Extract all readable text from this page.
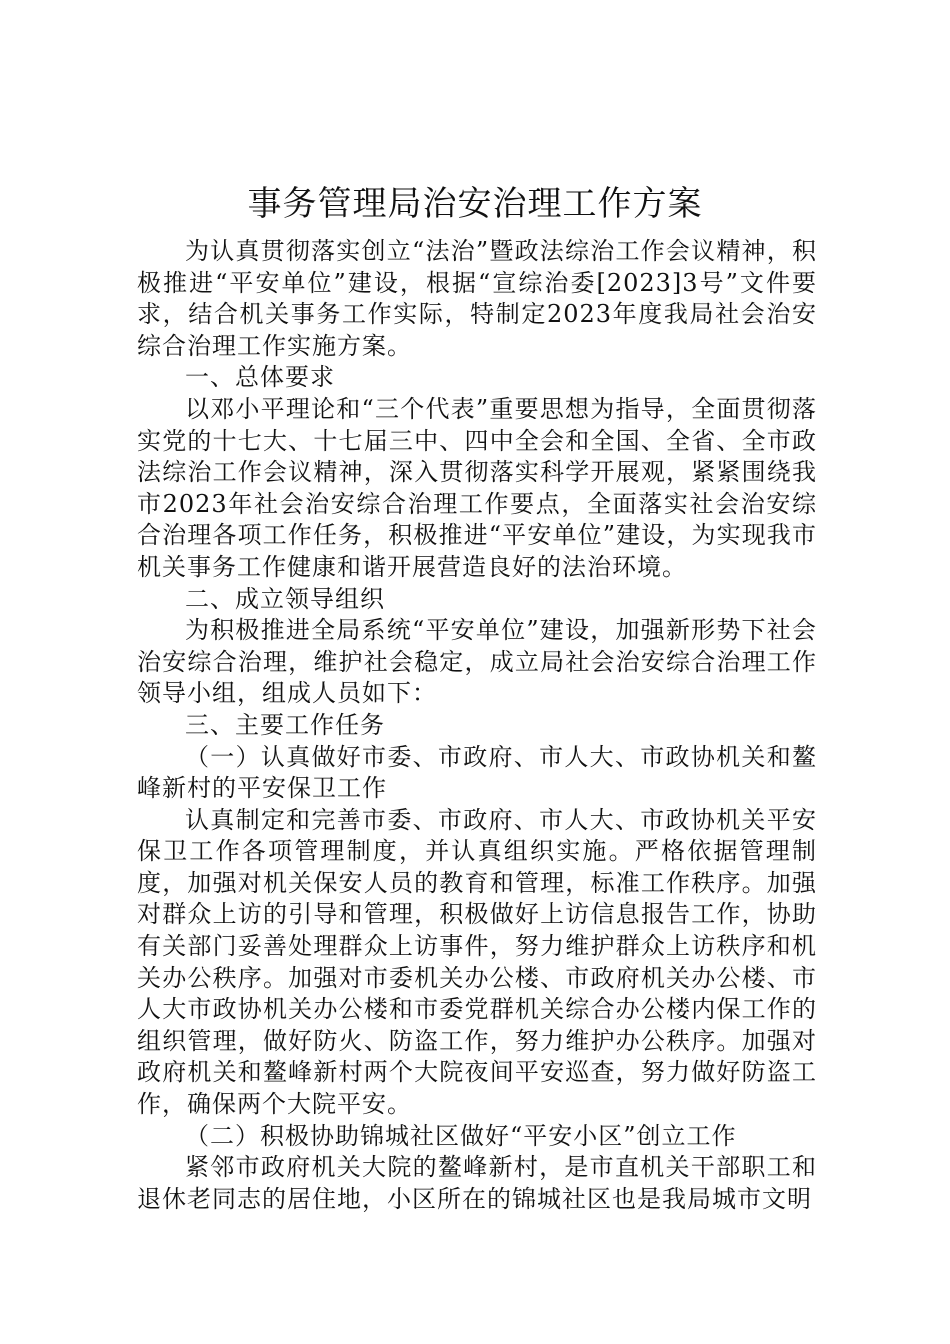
事务管理局治安治理工作方案

为认真贯彻落实创立“法治”暨政法综治工作会议精神，积极推进“平安单位”建设，根据“宣综治委[2023]3号”文件要求，结合机关事务工作实际，特制定2023年度我局社会治安综合治理工作实施方案。

一、总体要求

以邓小平理论和“三个代表”重要思想为指导，全面贯彻落实党的十七大、十七届三中、四中全会和全国、全省、全市政法综治工作会议精神，深入贯彻落实科学开展观，紧紧围绕我市2023年社会治安综合治理工作要点，全面落实社会治安综合治理各项工作任务，积极推进“平安单位”建设，为实现我市机关事务工作健康和谐开展营造良好的法治环境。

二、成立领导组织

为积极推进全局系统“平安单位”建设，加强新形势下社会治安综合治理，维护社会稳定，成立局社会治安综合治理工作领导小组，组成人员如下：

三、主要工作任务

（一）认真做好市委、市政府、市人大、市政协机关和鳌峰新村的平安保卫工作

认真制定和完善市委、市政府、市人大、市政协机关平安保卫工作各项管理制度，并认真组织实施。严格依据管理制度，加强对机关保安人员的教育和管理，标准工作秩序。加强对群众上访的引导和管理，积极做好上访信息报告工作，协助有关部门妥善处理群众上访事件，努力维护群众上访秩序和机关办公秩序。加强对市委机关办公楼、市政府机关办公楼、市人大市政协机关办公楼和市委党群机关综合办公楼内保工作的组织管理，做好防火、防盗工作，努力维护办公秩序。加强对政府机关和鳌峰新村两个大院夜间平安巡查，努力做好防盗工作，确保两个大院平安。

（二）积极协助锦城社区做好“平安小区”创立工作

紧邻市政府机关大院的鳌峰新村，是市直机关干部职工和退休老同志的居住地，小区所在的锦城社区也是我局城市文明
